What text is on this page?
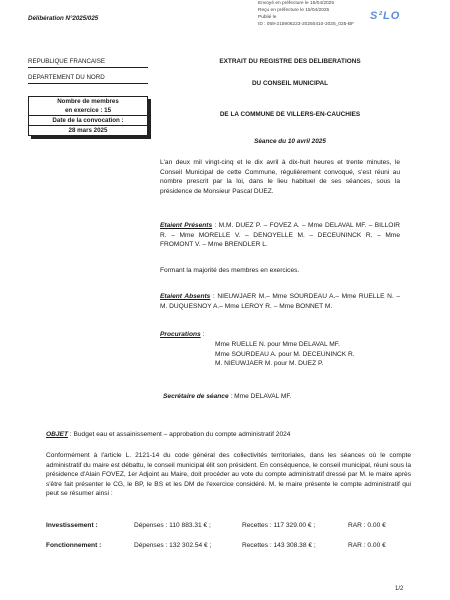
Envoyé en préfecture le 15/04/2025
Reçu en préfecture le 15/04/2025
Publié le
ID : 059-215906223-20250410-2025_025-BF
S²LO
Délibération N°2025/025
REPUBLIQUE FRANCAISE
DEPARTEMENT DU NORD
Nombre de membres
en exercice : 15
Date de la convocation :
28 mars 2025
EXTRAIT DU REGISTRE DES DELIBERATIONS
DU CONSEIL MUNICIPAL
DE LA COMMUNE DE VILLERS-EN-CAUCHIES
Séance du 10 avril 2025
L'an deux mil vingt-cinq et le dix avril à dix-huit heures et trente minutes, le Conseil Municipal de cette Commune, régulièrement convoqué, s'est réuni au nombre prescrit par la loi, dans le lieu habituel de ses séances, sous la présidence de Monsieur Pascal DUEZ.
Etaient Présents : M.M. DUEZ P. – FOVEZ A. – Mme DELAVAL MF. – BILLOIR R. – Mme MORELLE V. – DENOYELLE M. – DECEUNINCK R. – Mme FROMONT V. – Mme BRENDLER L.
Formant la majorité des membres en exercices.
Etaient Absents : NIEUWJAER M.– Mme SOURDEAU A.– Mme RUELLE N. – M. DUQUESNOY A.– Mme LEROY R. – Mme BONNET M.
Procurations :
Mme RUELLE N. pour Mme DELAVAL MF.
Mme SOURDEAU A. pour M. DECEUNINCK R.
M. NIEUWJAER M. pour M. DUEZ P.
Secrétaire de séance : Mme DELAVAL MF.
OBJET : Budget eau et assainissement – approbation du compte administratif 2024
Conformément à l'article L. 2121-14 du code général des collectivités territoriales, dans les séances où le compte administratif du maire est débattu, le conseil municipal élit son président. En conséquence, le conseil municipal, réuni sous la présidence d'Alain FOVEZ, 1er Adjoint au Maire, doit procéder au vote du compte administratif dressé par M. le maire après s'être fait présenter le CG, le BP, le BS et les DM de l'exercice considéré. M. le maire présente le compte administratif qui peut se résumer ainsi :
Investissement :	Dépenses : 110 883.31 € ;	Recettes : 117 329.00 € ;	RAR : 0.00 €
Fonctionnement :	Dépenses : 132 302.54 € ;	Recettes : 143 308.38 € ;	RAR : 0.00 €
1/2
